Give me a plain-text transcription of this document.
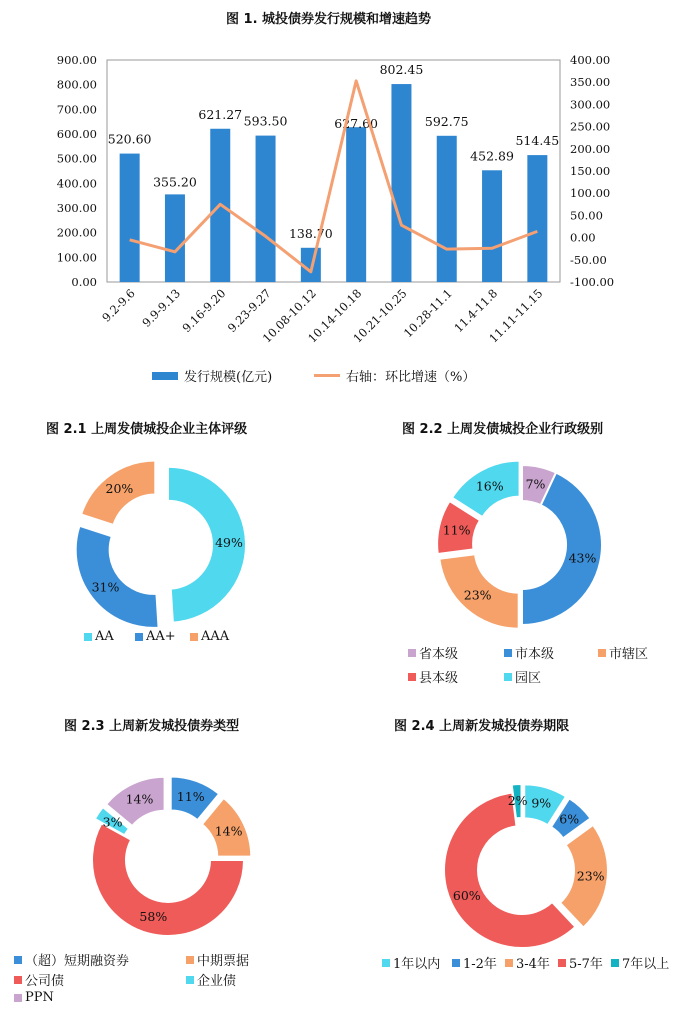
图 1. 城投债券发行规模和增速趋势
图 2.1 上周发债城投企业主体评级	图 2.2 上周发债城投企业行政级别
图 2.3 上周新发城投债券类型	图 2.4 上周新发城投债券期限
0.00
100.00
200.00
300.00
400.00
500.00
600.00
700.00
800.00
900.00
-100.00
-50.00
0.00
50.00
100.00
150.00
200.00
250.00
300.00
350.00
400.00
520.60
355.20
621.27 593.50
138.70
627.60
802.45
592.75
452.89
514.45
9.2-9.6 9.9-9.13
9.16-9.20
9.23-9.27
10.08-10.12
10.14-10.18
10.21-10.25
10.28-11.1
11.4-11.8
11.11-11.15
发行规模(亿元)	右轴：环比增速（%）
49%
31%
20%	7%
43%
23%
11%
16%
11%
14%
58%
3%
14%	9%
6%
23%
60%
2%
AA AA+ AAA
省本级	市本级	市辖区
县本级	园区
（超）短期融资券	中期票据
公司债	企业债
PPN
1年以内 1-2年 3-4年 5-7年 7年以上
